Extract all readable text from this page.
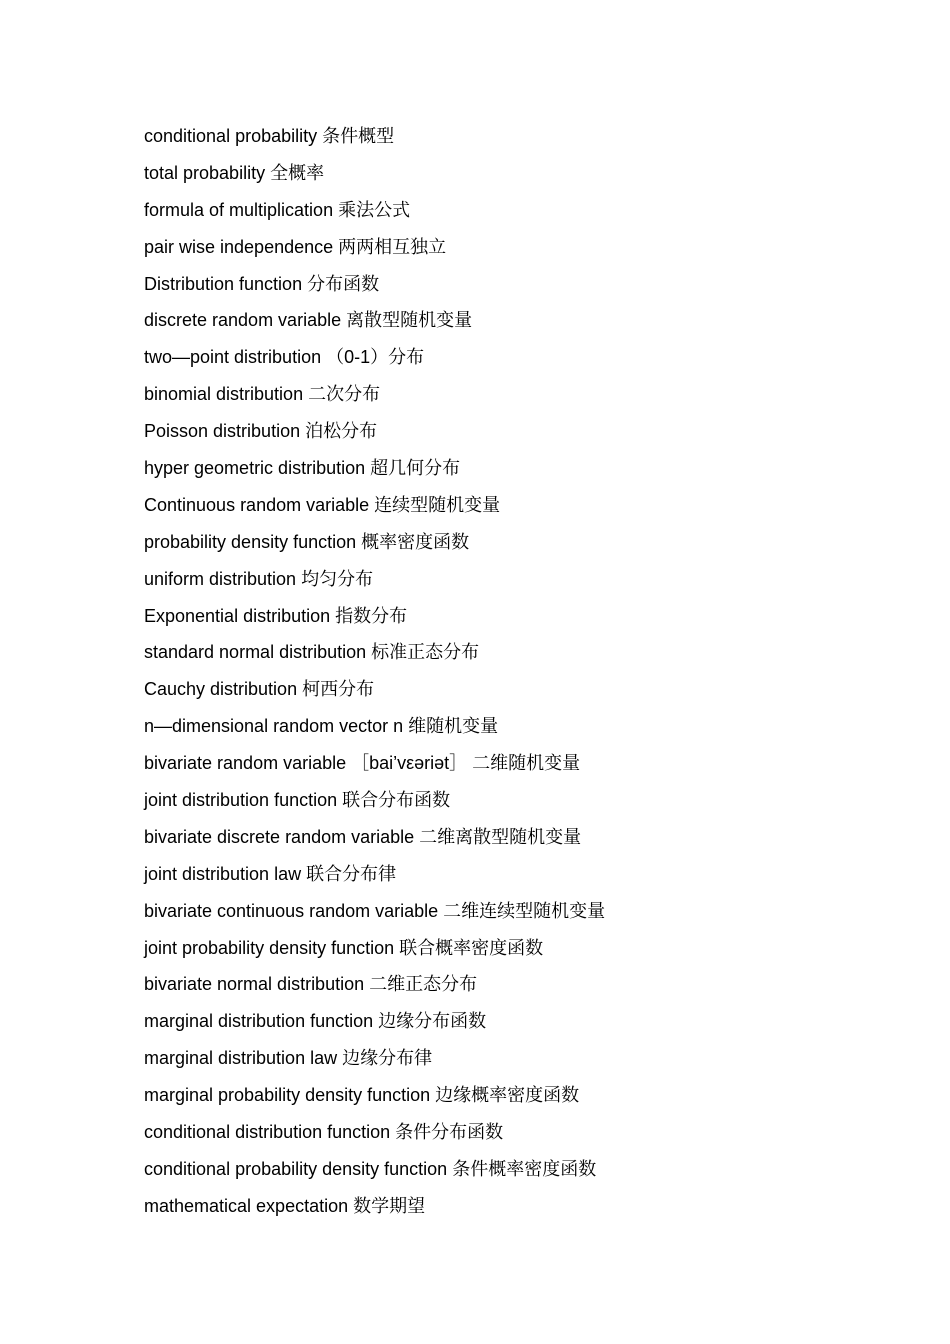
conditional probability 条件概型
total probability 全概率
formula of multiplication 乘法公式
pair wise independence 两两相互独立
Distribution function 分布函数
discrete random variable 离散型随机变量
two—point distribution （0-1）分布
binomial distribution 二次分布
Poisson distribution 泊松分布
hyper geometric distribution 超几何分布
Continuous random variable 连续型随机变量
probability density function 概率密度函数
uniform distribution 均匀分布
Exponential distribution 指数分布
standard normal distribution 标准正态分布
Cauchy distribution 柯西分布
n—dimensional random vector n 维随机变量
bivariate random variable ［bai’vεəriət］ 二维随机变量
joint distribution function 联合分布函数
bivariate discrete random variable 二维离散型随机变量
joint distribution law 联合分布律
bivariate continuous random variable 二维连续型随机变量
joint probability density function 联合概率密度函数
bivariate normal distribution 二维正态分布
marginal distribution function 边缘分布函数
marginal distribution law 边缘分布律
marginal probability density function 边缘概率密度函数
conditional distribution function 条件分布函数
conditional probability density function 条件概率密度函数
mathematical expectation 数学期望
